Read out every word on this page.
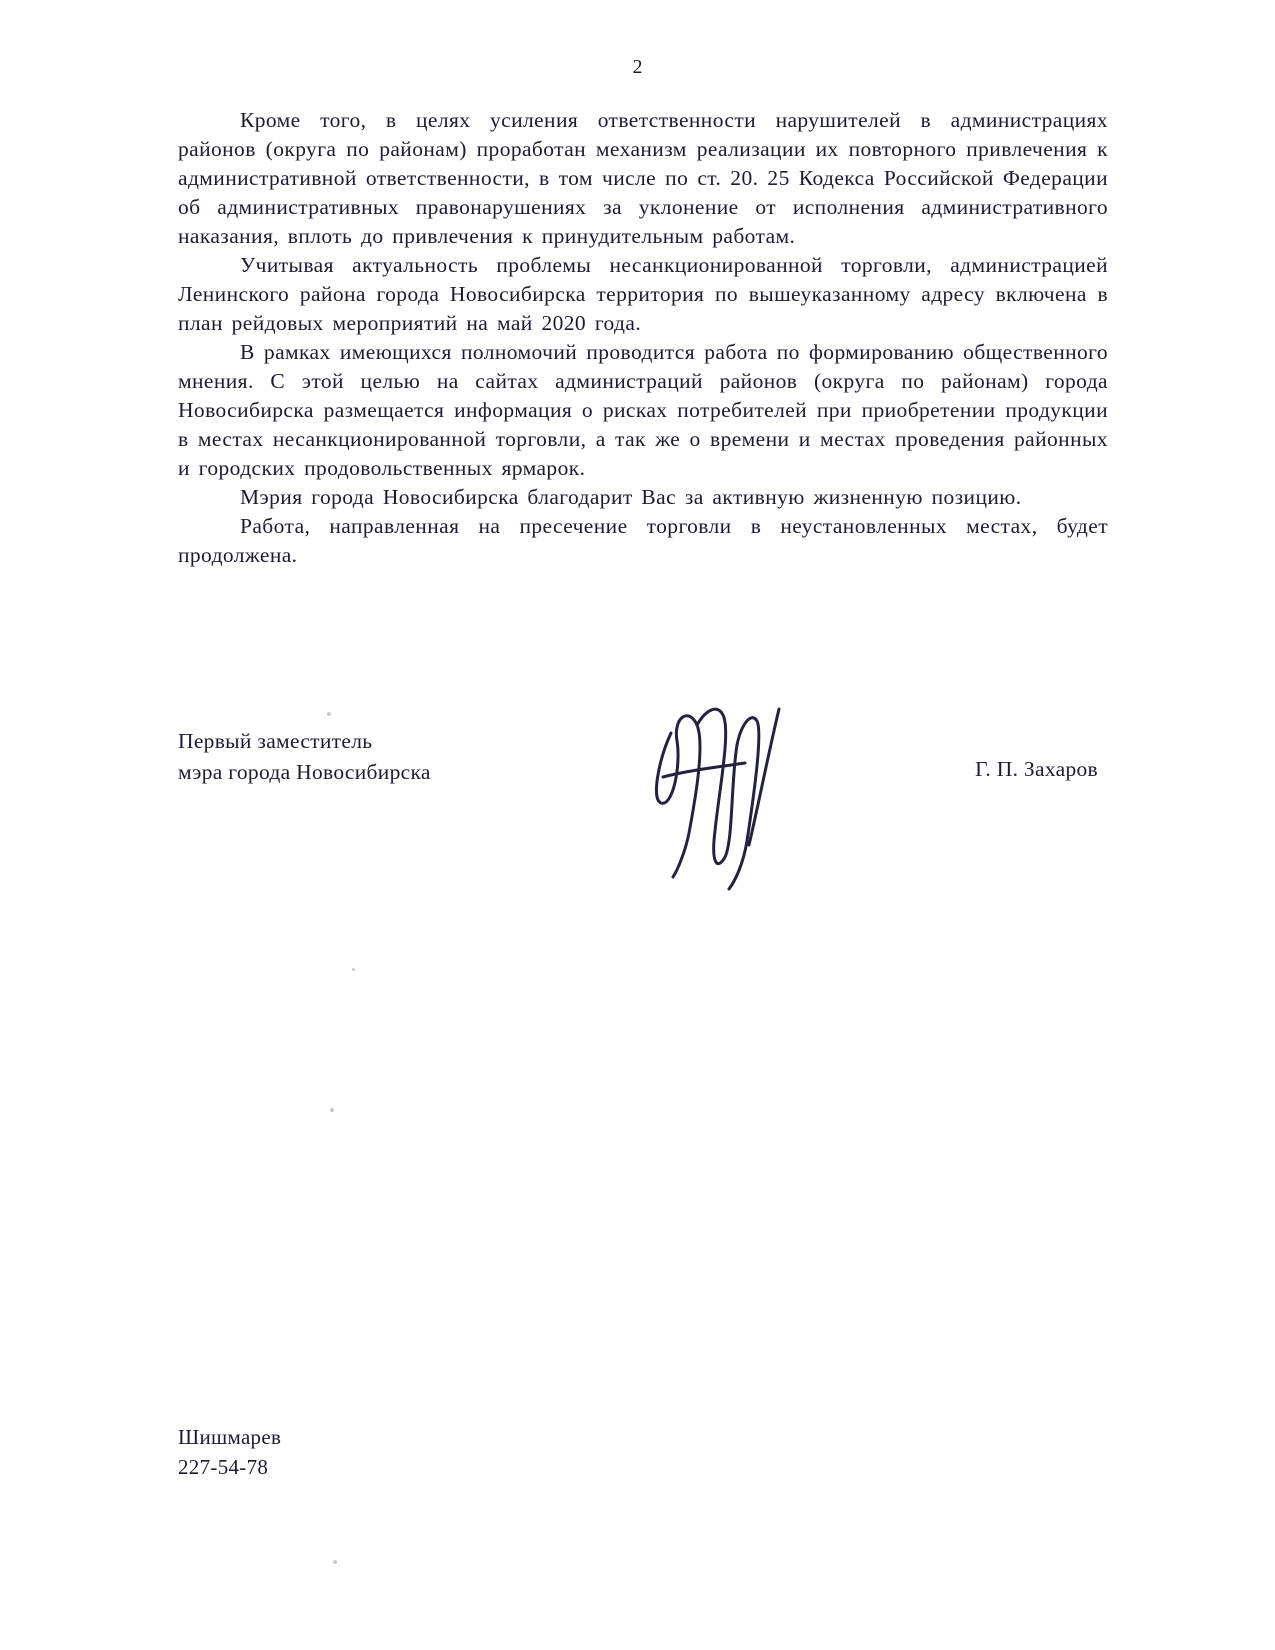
2

Кроме того, в целях усиления ответственности нарушителей в администрациях районов (округа по районам) проработан механизм реализации их повторного привлечения к административной ответственности, в том числе по ст. 20. 25 Кодекса Российской Федерации об административных правонарушениях за уклонение от исполнения административного наказания, вплоть до привлечения к принудительным работам.

Учитывая актуальность проблемы несанкционированной торговли, администрацией Ленинского района города Новосибирска территория по вышеуказанному адресу включена в план рейдовых мероприятий на май 2020 года.

В рамках имеющихся полномочий проводится работа по формированию общественного мнения. С этой целью на сайтах администраций районов (округа по районам) города Новосибирска размещается информация о рисках потребителей при приобретении продукции в местах несанкционированной торговли, а так же о времени и местах проведения районных и городских продовольственных ярмарок.

Мэрия города Новосибирска благодарит Вас за активную жизненную позицию.

Работа, направленная на пресечение торговли в неустановленных местах, будет продолжена.

Первый заместитель
мэра города Новосибирска	Г. П. Захаров
Шишмарев
227-54-78
